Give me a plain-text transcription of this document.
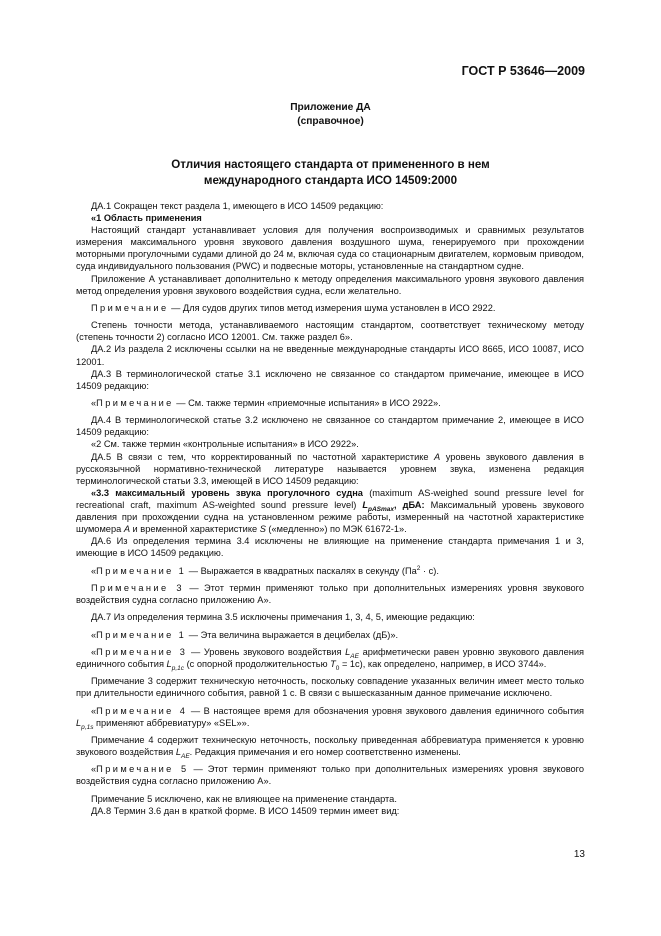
ГОСТ Р 53646—2009
Приложение ДА
(справочное)
Отличия настоящего стандарта от примененного в нем
международного стандарта ИСО 14509:2000

ДА.1 Сокращен текст раздела 1, имеющего в ИСО 14509 редакцию:

«1 Область применения

Настоящий стандарт устанавливает условия для получения воспроизводимых и сравнимых результатов измерения максимального уровня звукового давления воздушного шума, генерируемого при прохождении моторными прогулочными судами длиной до 24 м, включая суда со стационарным двигателем, кормовым приводом, суда индивидуального пользования (PWC) и подвесные моторы, установленные на стандартном судне.

Приложение А устанавливает дополнительно к методу определения максимального уровня звукового давления метод определения уровня звукового воздействия судна, если желательно.

Примечание — Для судов других типов метод измерения шума установлен в ИСО 2922.

Степень точности метода, устанавливаемого настоящим стандартом, соответствует техническому методу (степень точности 2) согласно ИСО 12001. См. также раздел 6».

ДА.2 Из раздела 2 исключены ссылки на не введенные международные стандарты ИСО 8665, ИСО 10087, ИСО 12001.

ДА.3 В терминологической статье 3.1 исключено не связанное со стандартом примечание, имеющее в ИСО 14509 редакцию:

«Примечание — См. также термин «приемочные испытания» в ИСО 2922».

ДА.4 В терминологической статье 3.2 исключено не связанное со стандартом примечание 2, имеющее в ИСО 14509 редакцию:

«2 См. также термин «контрольные испытания» в ИСО 2922».

ДА.5 В связи с тем, что корректированный по частотной характеристике А уровень звукового давления в русскоязычной нормативно-технической литературе называется уровнем звука, изменена редакция терминологической статьи 3.3, имеющей в ИСО 14509 редакцию:

«3.3 максимальный уровень звука прогулочного судна (maximum AS-weighed sound pressure level for recreational craft, maximum AS-weighted sound pressure level) $L_{pASmax}$, дБА: Максимальный уровень звукового давления при прохождении судна на установленном режиме работы, измеренный на частотной характеристике шумомера А и временной характеристике S («медленно») по МЭК 61672-1».

ДА.6 Из определения термина 3.4 исключены не влияющие на применение стандарта примечания 1 и 3, имеющие в ИСО 14509 редакцию.

«Примечание 1 — Выражается в квадратных паскалях в секунду $(Па^2 \cdot с)$.

Примечание 3 — Этот термин применяют только при дополнительных измерениях уровня звукового воздействия судна согласно приложению А».

ДА.7 Из определения термина 3.5 исключены примечания 1, 3, 4, 5, имеющие редакцию:

«Примечание 1 — Эта величина выражается в децибелах (дБ)».

«Примечание 3 — Уровень звукового воздействия $L_{AE}$ арифметически равен уровню звукового давления единичного события $L_{p,1c}$ (с опорной продолжительностью $T_0 = 1с$), как определено, например, в ИСО 3744».

Примечание 3 содержит техническую неточность, поскольку совпадение указанных величин имеет место только при длительности единичного события, равной 1 с. В связи с вышесказанным данное примечание исключено.

«Примечание 4 — В настоящее время для обозначения уровня звукового давления единичного события $L_{p,1s}$ применяют аббревиатуру» «SEL»».

Примечание 4 содержит техническую неточность, поскольку приведенная аббревиатура применяется к уровню звукового воздействия $L_{AE}$. Редакция примечания и его номер соответственно изменены.

«Примечание 5 — Этот термин применяют только при дополнительных измерениях уровня звукового воздействия судна согласно приложению А».

Примечание 5 исключено, как не влияющее на применение стандарта.

ДА.8 Термин 3.6 дан в краткой форме. В ИСО 14509 термин имеет вид:

13
